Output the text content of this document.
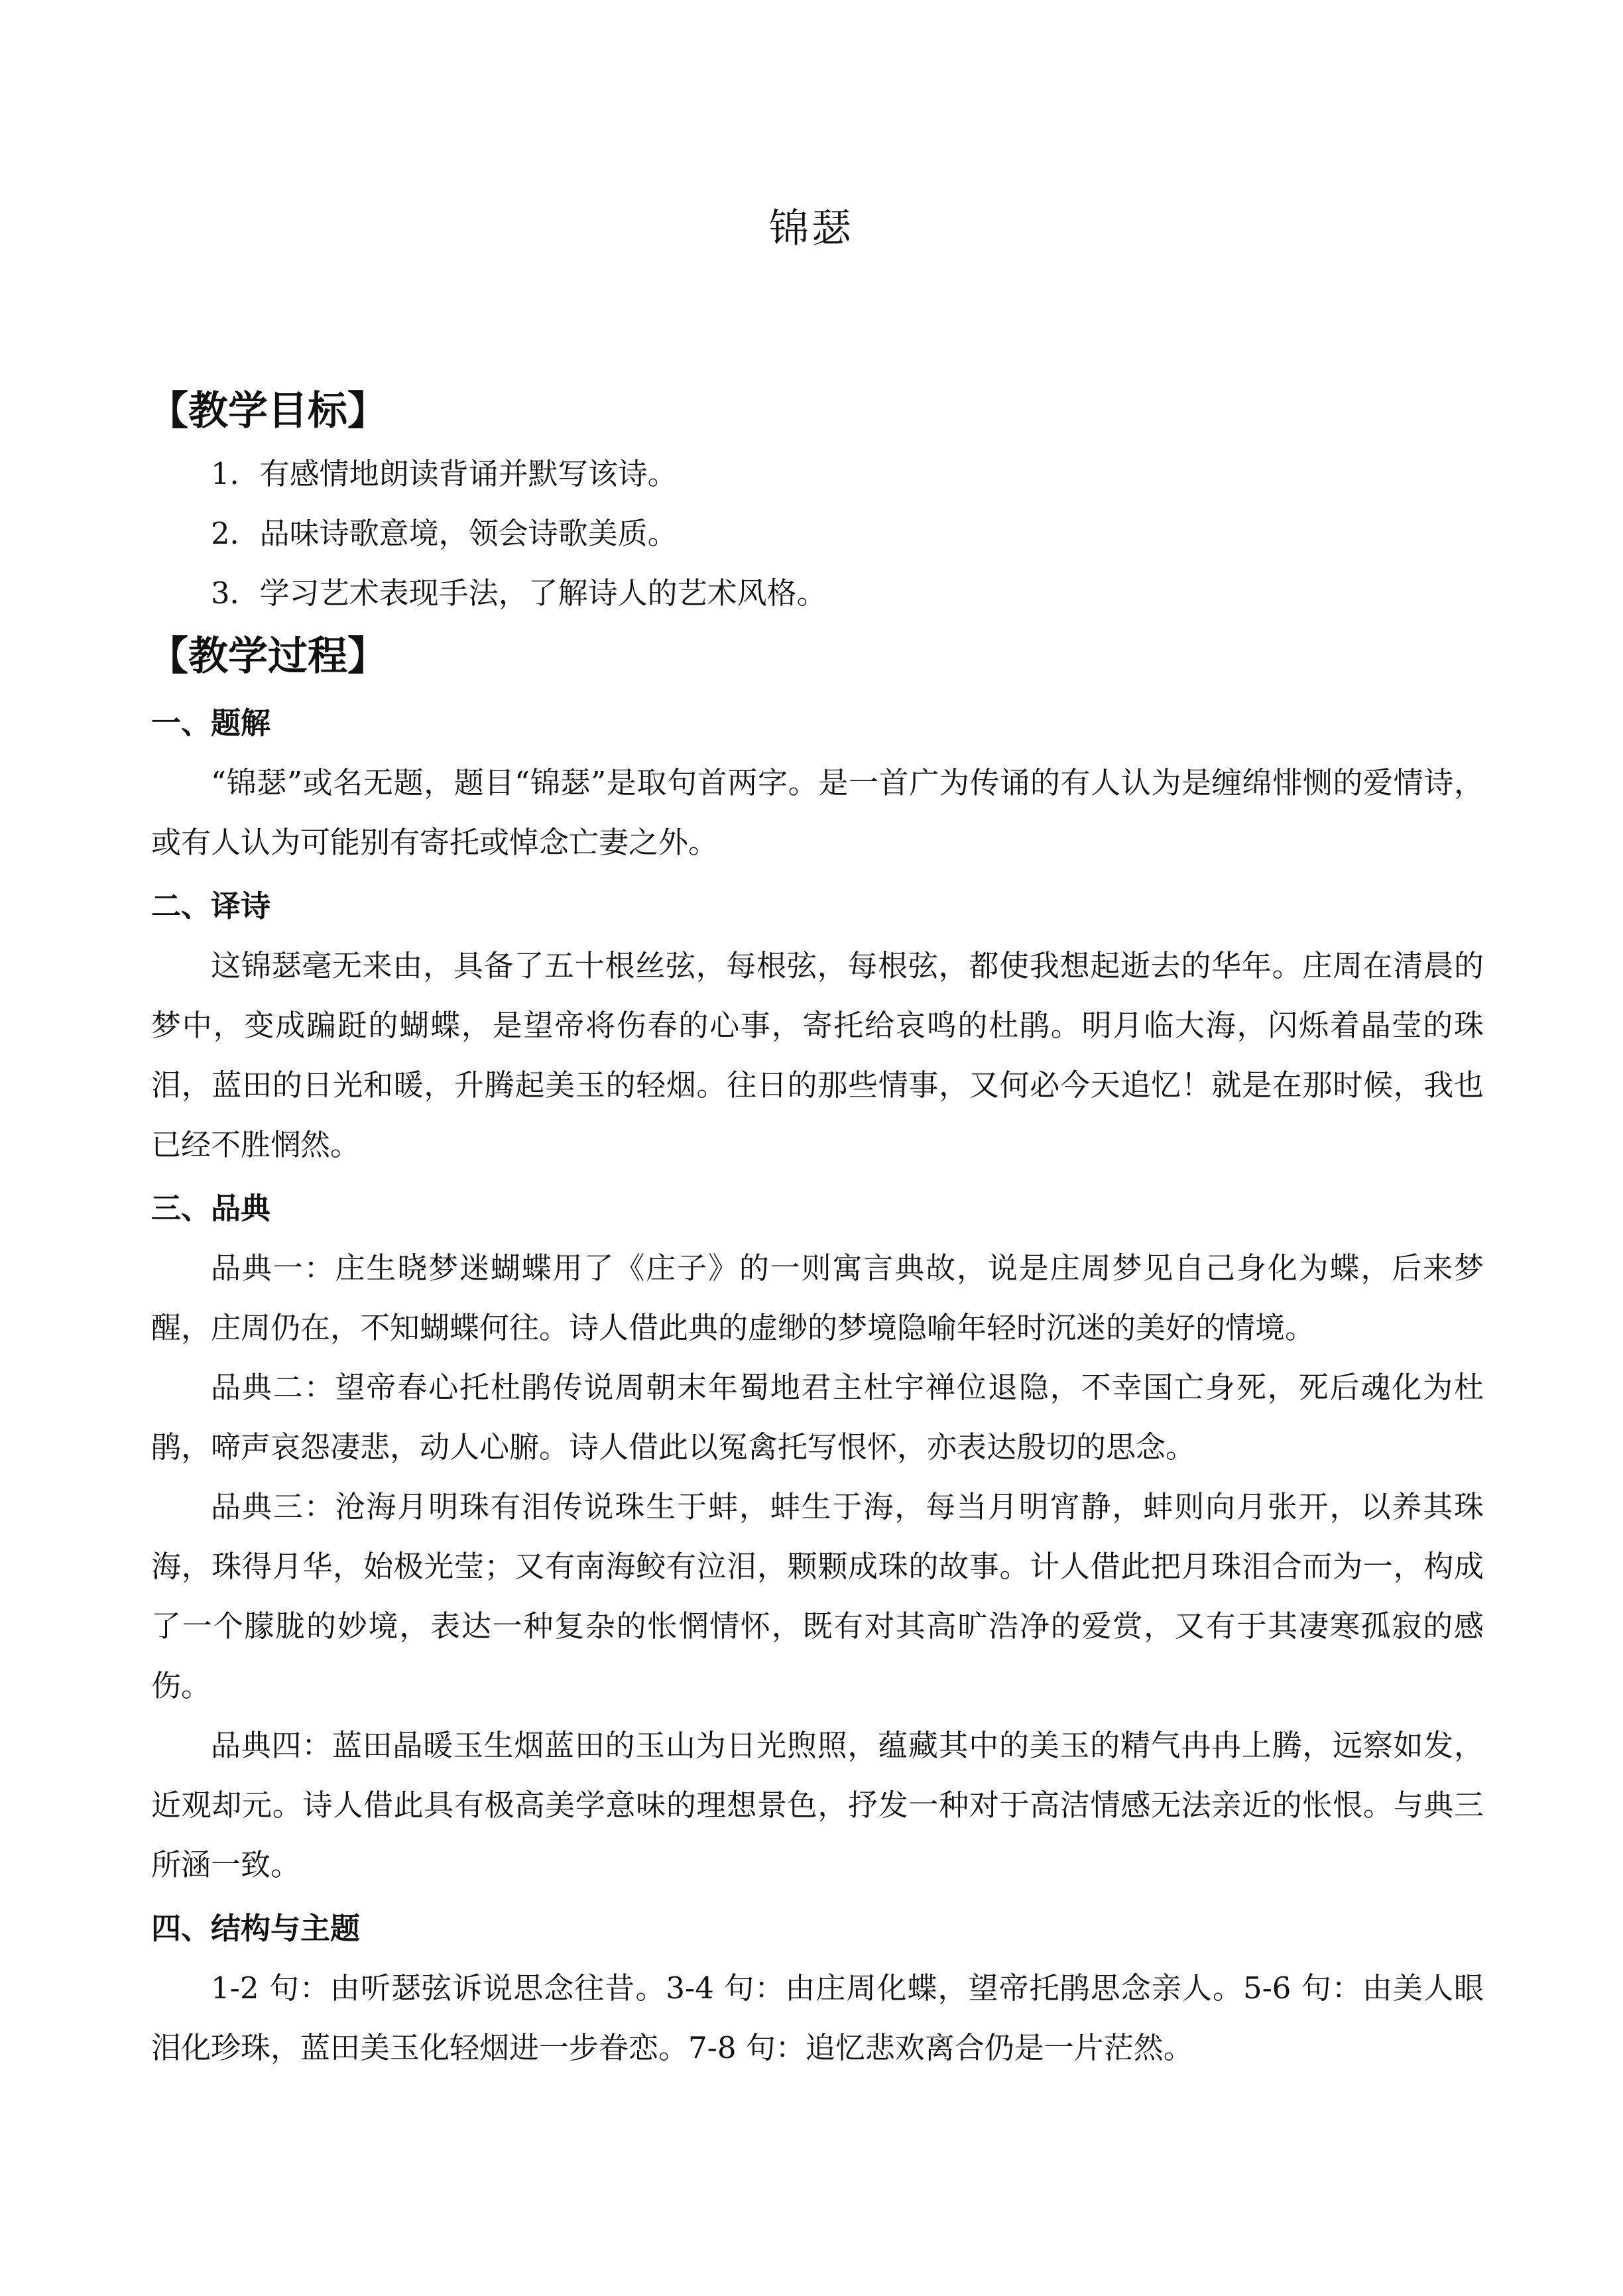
锦瑟
【教学目标】

1．有感情地朗读背诵并默写该诗。

2．品味诗歌意境，领会诗歌美质。

3．学习艺术表现手法，了解诗人的艺术风格。

【教学过程】
一、题解

“锦瑟”或名无题，题目“锦瑟”是取句首两字。是一首广为传诵的有人认为是缠绵悱恻的爱情诗，或有人认为可能别有寄托或悼念亡妻之外。

二、译诗

这锦瑟毫无来由，具备了五十根丝弦，每根弦，每根弦，都使我想起逝去的华年。庄周在清晨的梦中，变成蹁跹的蝴蝶，是望帝将伤春的心事，寄托给哀鸣的杜鹃。明月临大海，闪烁着晶莹的珠泪，蓝田的日光和暖，升腾起美玉的轻烟。往日的那些情事，又何必今天追忆！就是在那时候，我也已经不胜惘然。

三、品典

品典一：庄生晓梦迷蝴蝶用了《庄子》的一则寓言典故，说是庄周梦见自己身化为蝶，后来梦醒，庄周仍在，不知蝴蝶何往。诗人借此典的虚缈的梦境隐喻年轻时沉迷的美好的情境。

品典二：望帝春心托杜鹃传说周朝末年蜀地君主杜宇禅位退隐，不幸国亡身死，死后魂化为杜鹃，啼声哀怨凄悲，动人心腑。诗人借此以冤禽托写恨怀，亦表达殷切的思念。

品典三：沧海月明珠有泪传说珠生于蚌，蚌生于海，每当月明宵静，蚌则向月张开，以养其珠海，珠得月华，始极光莹；又有南海鲛有泣泪，颗颗成珠的故事。计人借此把月珠泪合而为一，构成了一个朦胧的妙境，表达一种复杂的怅惘情怀，既有对其高旷浩净的爱赏，又有于其凄寒孤寂的感伤。

品典四：蓝田晶暖玉生烟蓝田的玉山为日光煦照，蕴藏其中的美玉的精气冉冉上腾，远察如发，近观却元。诗人借此具有极高美学意味的理想景色，抒发一种对于高洁情感无法亲近的怅恨。与典三所涵一致。

四、结构与主题

1-2 句：由听瑟弦诉说思念往昔。3-4 句：由庄周化蝶，望帝托鹃思念亲人。5-6 句：由美人眼泪化珍珠，蓝田美玉化轻烟进一步眷恋。7-8 句：追忆悲欢离合仍是一片茫然。
